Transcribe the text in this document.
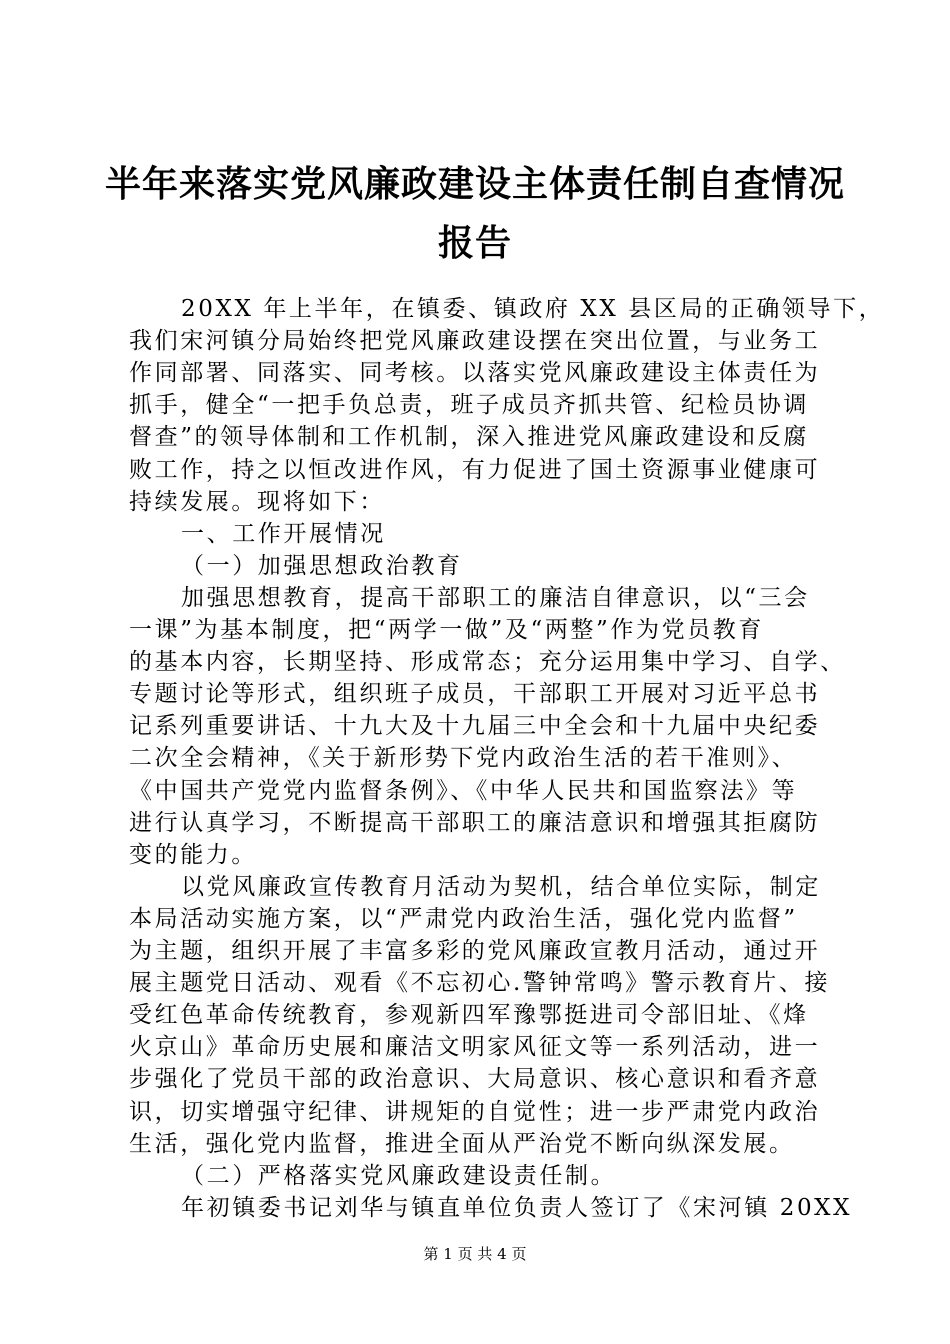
半年来落实党风廉政建设主体责任制自查情况
报告
20XX 年上半年，在镇委、镇政府 XX 县区局的正确领导下，
我们宋河镇分局始终把党风廉政建设摆在突出位置，与业务工
作同部署、同落实、同考核。以落实党风廉政建设主体责任为
抓手，健全“一把手负总责，班子成员齐抓共管、纪检员协调
督查”的领导体制和工作机制，深入推进党风廉政建设和反腐
败工作，持之以恒改进作风，有力促进了国土资源事业健康可
持续发展。现将如下：
一、工作开展情况
（一）加强思想政治教育
加强思想教育，提高干部职工的廉洁自律意识，以“三会
一课”为基本制度，把“两学一做”及“两整”作为党员教育
的基本内容，长期坚持、形成常态；充分运用集中学习、自学、
专题讨论等形式，组织班子成员，干部职工开展对习近平总书
记系列重要讲话、十九大及十九届三中全会和十九届中央纪委
二次全会精神，《关于新形势下党内政治生活的若干准则》、
《中国共产党党内监督条例》、《中华人民共和国监察法》等
进行认真学习，不断提高干部职工的廉洁意识和增强其拒腐防
变的能力。
以党风廉政宣传教育月活动为契机，结合单位实际，制定
本局活动实施方案，以“严肃党内政治生活，强化党内监督”
为主题，组织开展了丰富多彩的党风廉政宣教月活动，通过开
展主题党日活动、观看《不忘初心.警钟常鸣》警示教育片、接
受红色革命传统教育，参观新四军豫鄂挺进司令部旧址、《烽
火京山》革命历史展和廉洁文明家风征文等一系列活动，进一
步强化了党员干部的政治意识、大局意识、核心意识和看齐意
识，切实增强守纪律、讲规矩的自觉性；进一步严肃党内政治
生活，强化党内监督，推进全面从严治党不断向纵深发展。
第 1 页 共 4 页
（二）严格落实党风廉政建设责任制。
年初镇委书记刘华与镇直单位负责人签订了《宋河镇 20XX
